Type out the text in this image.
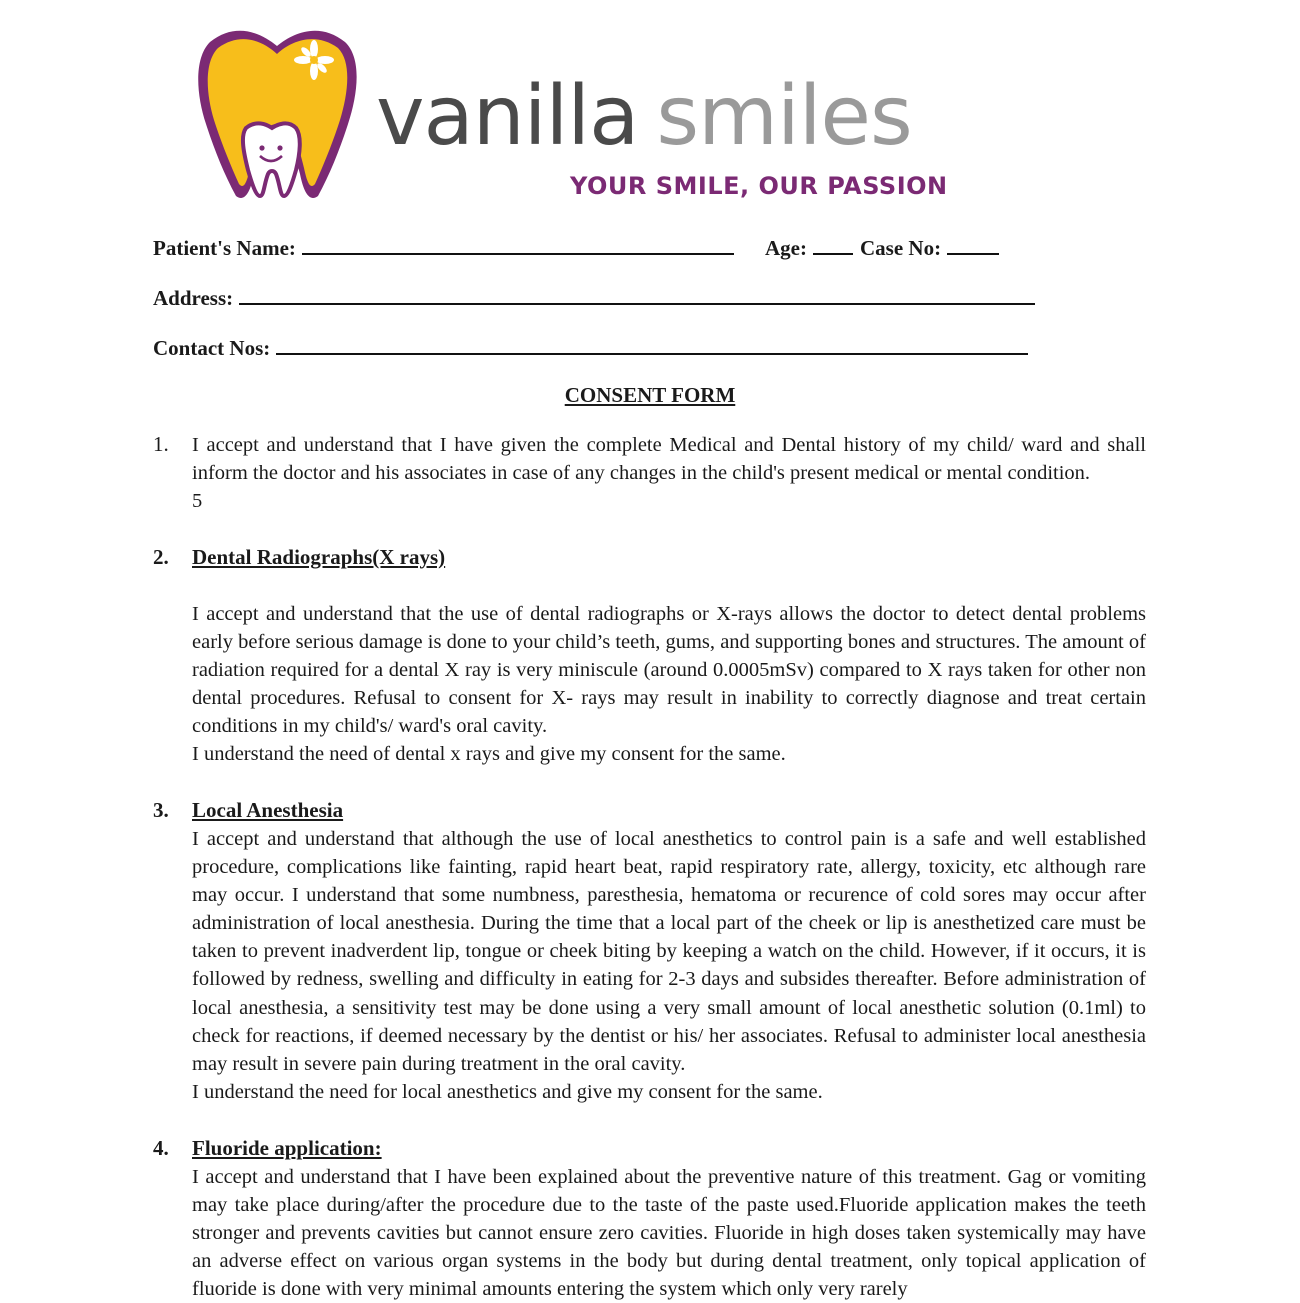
vanilla smiles
YOUR SMILE, OUR PASSION
Patient's Name:	Age:	Case No:
Address:
Contact Nos:
CONSENT FORM
1. I accept and understand that I have given the complete Medical and Dental history of my child/ ward and shall inform the doctor and his associates in case of any changes in the child's present medical or mental condition.

5
2. Dental Radiographs(X rays)

I accept and understand that the use of dental radiographs or X-rays allows the doctor to detect dental problems early before serious damage is done to your child’s teeth, gums, and supporting bones and structures. The amount of radiation required for a dental X ray is very miniscule (around 0.0005mSv) compared to X rays taken for other non dental procedures. Refusal to consent for X- rays may result in inability to correctly diagnose and treat certain conditions in my child's/ ward's oral cavity.

I understand the need of dental x rays and give my consent for the same.
3. Local Anesthesia

I accept and understand that although the use of local anesthetics to control pain is a safe and well established procedure, complications like fainting, rapid heart beat, rapid respiratory rate, allergy, toxicity, etc although rare may occur. I understand that some numbness, paresthesia, hematoma or recurence of cold sores may occur after administration of local anesthesia. During the time that a local part of the cheek or lip is anesthetized care must be taken to prevent inadverdent lip, tongue or cheek biting by keeping a watch on the child. However, if it occurs, it is followed by redness, swelling and difficulty in eating for 2-3 days and subsides thereafter. Before administration of local anesthesia, a sensitivity test may be done using a very small amount of local anesthetic solution (0.1ml) to check for reactions, if deemed necessary by the dentist or his/ her associates. Refusal to administer local anesthesia may result in severe pain during treatment in the oral cavity.

I understand the need for local anesthetics and give my consent for the same.
4. Fluoride application:

I accept and understand that I have been explained about the preventive nature of this treatment. Gag or vomiting may take place during/after the procedure due to the taste of the paste used.Fluoride application makes the teeth stronger and prevents cavities but cannot ensure zero cavities. Fluoride in high doses taken systemically may have an adverse effect on various organ systems in the body but during dental treatment, only topical application of fluoride is done with very minimal amounts entering the system which only very rarely
